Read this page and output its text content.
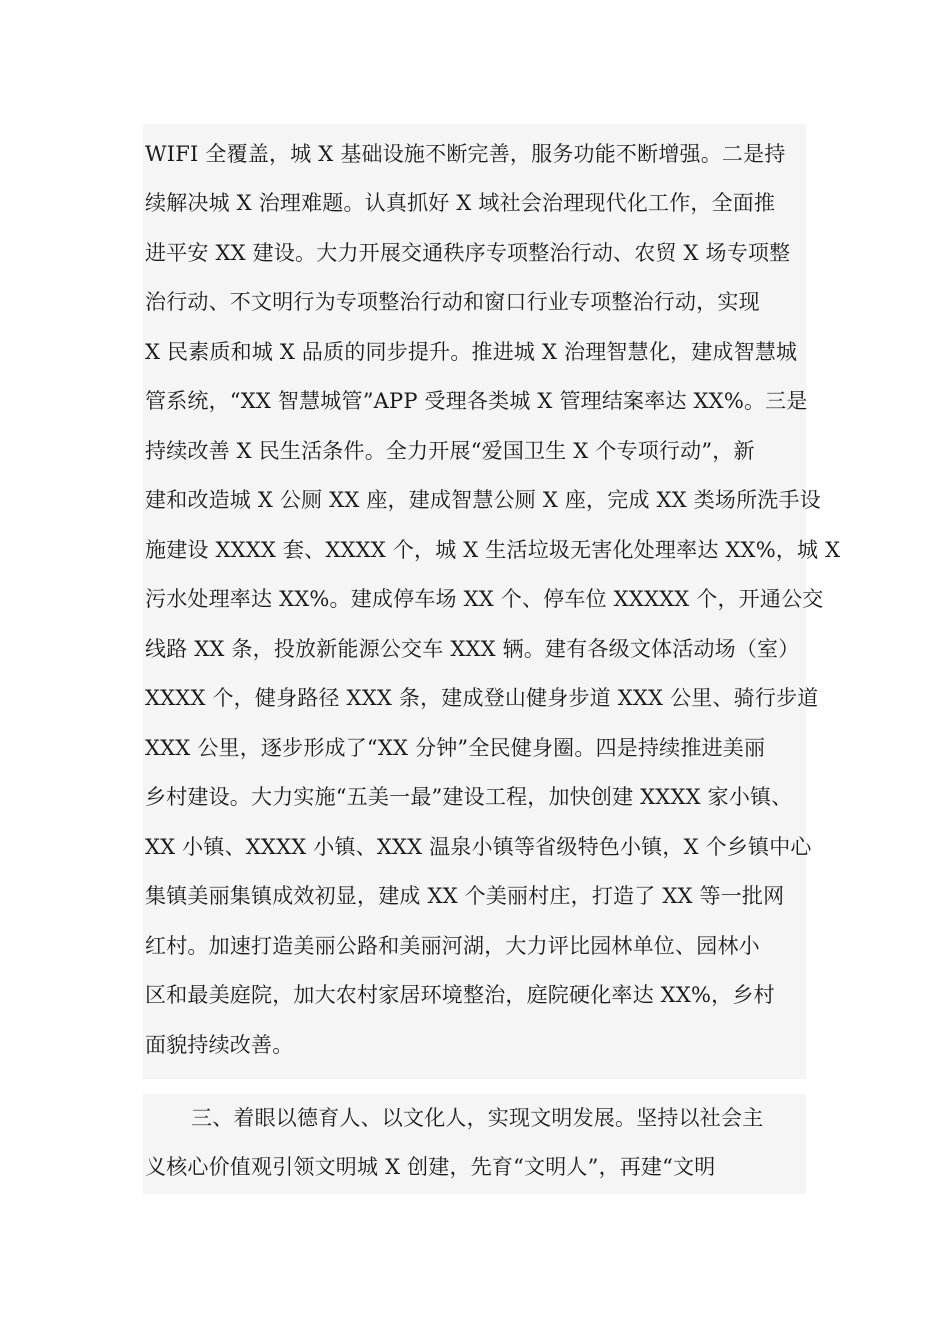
WIFI 全覆盖，城 X 基础设施不断完善，服务功能不断增强。二是持
续解决城 X 治理难题。认真抓好 X 域社会治理现代化工作，全面推
进平安 XX 建设。大力开展交通秩序专项整治行动、农贸 X 场专项整
治行动、不文明行为专项整治行动和窗口行业专项整治行动，实现
X 民素质和城 X 品质的同步提升。推进城 X 治理智慧化，建成智慧城
管系统，“XX 智慧城管”APP 受理各类城 X 管理结案率达 XX%。三是
持续改善 X 民生活条件。全力开展“爱国卫生 X 个专项行动”，新
建和改造城 X 公厕 XX 座，建成智慧公厕 X 座，完成 XX 类场所洗手设
施建设 XXXX 套、XXXX 个，城 X 生活垃圾无害化处理率达 XX%，城 X
污水处理率达 XX%。建成停车场 XX 个、停车位 XXXXX 个，开通公交
线路 XX 条，投放新能源公交车 XXX 辆。建有各级文体活动场（室）
XXXX 个，健身路径 XXX 条，建成登山健身步道 XXX 公里、骑行步道
XXX 公里，逐步形成了“XX 分钟”全民健身圈。四是持续推进美丽
乡村建设。大力实施“五美一最”建设工程，加快创建 XXXX 家小镇、
XX 小镇、XXXX 小镇、XXX 温泉小镇等省级特色小镇，X 个乡镇中心
集镇美丽集镇成效初显，建成 XX 个美丽村庄，打造了 XX 等一批网
红村。加速打造美丽公路和美丽河湖，大力评比园林单位、园林小
区和最美庭院，加大农村家居环境整治，庭院硬化率达 XX%，乡村
面貌持续改善。
三、着眼以德育人、以文化人，实现文明发展。坚持以社会主
义核心价值观引领文明城 X 创建，先育“文明人”，再建“文明
